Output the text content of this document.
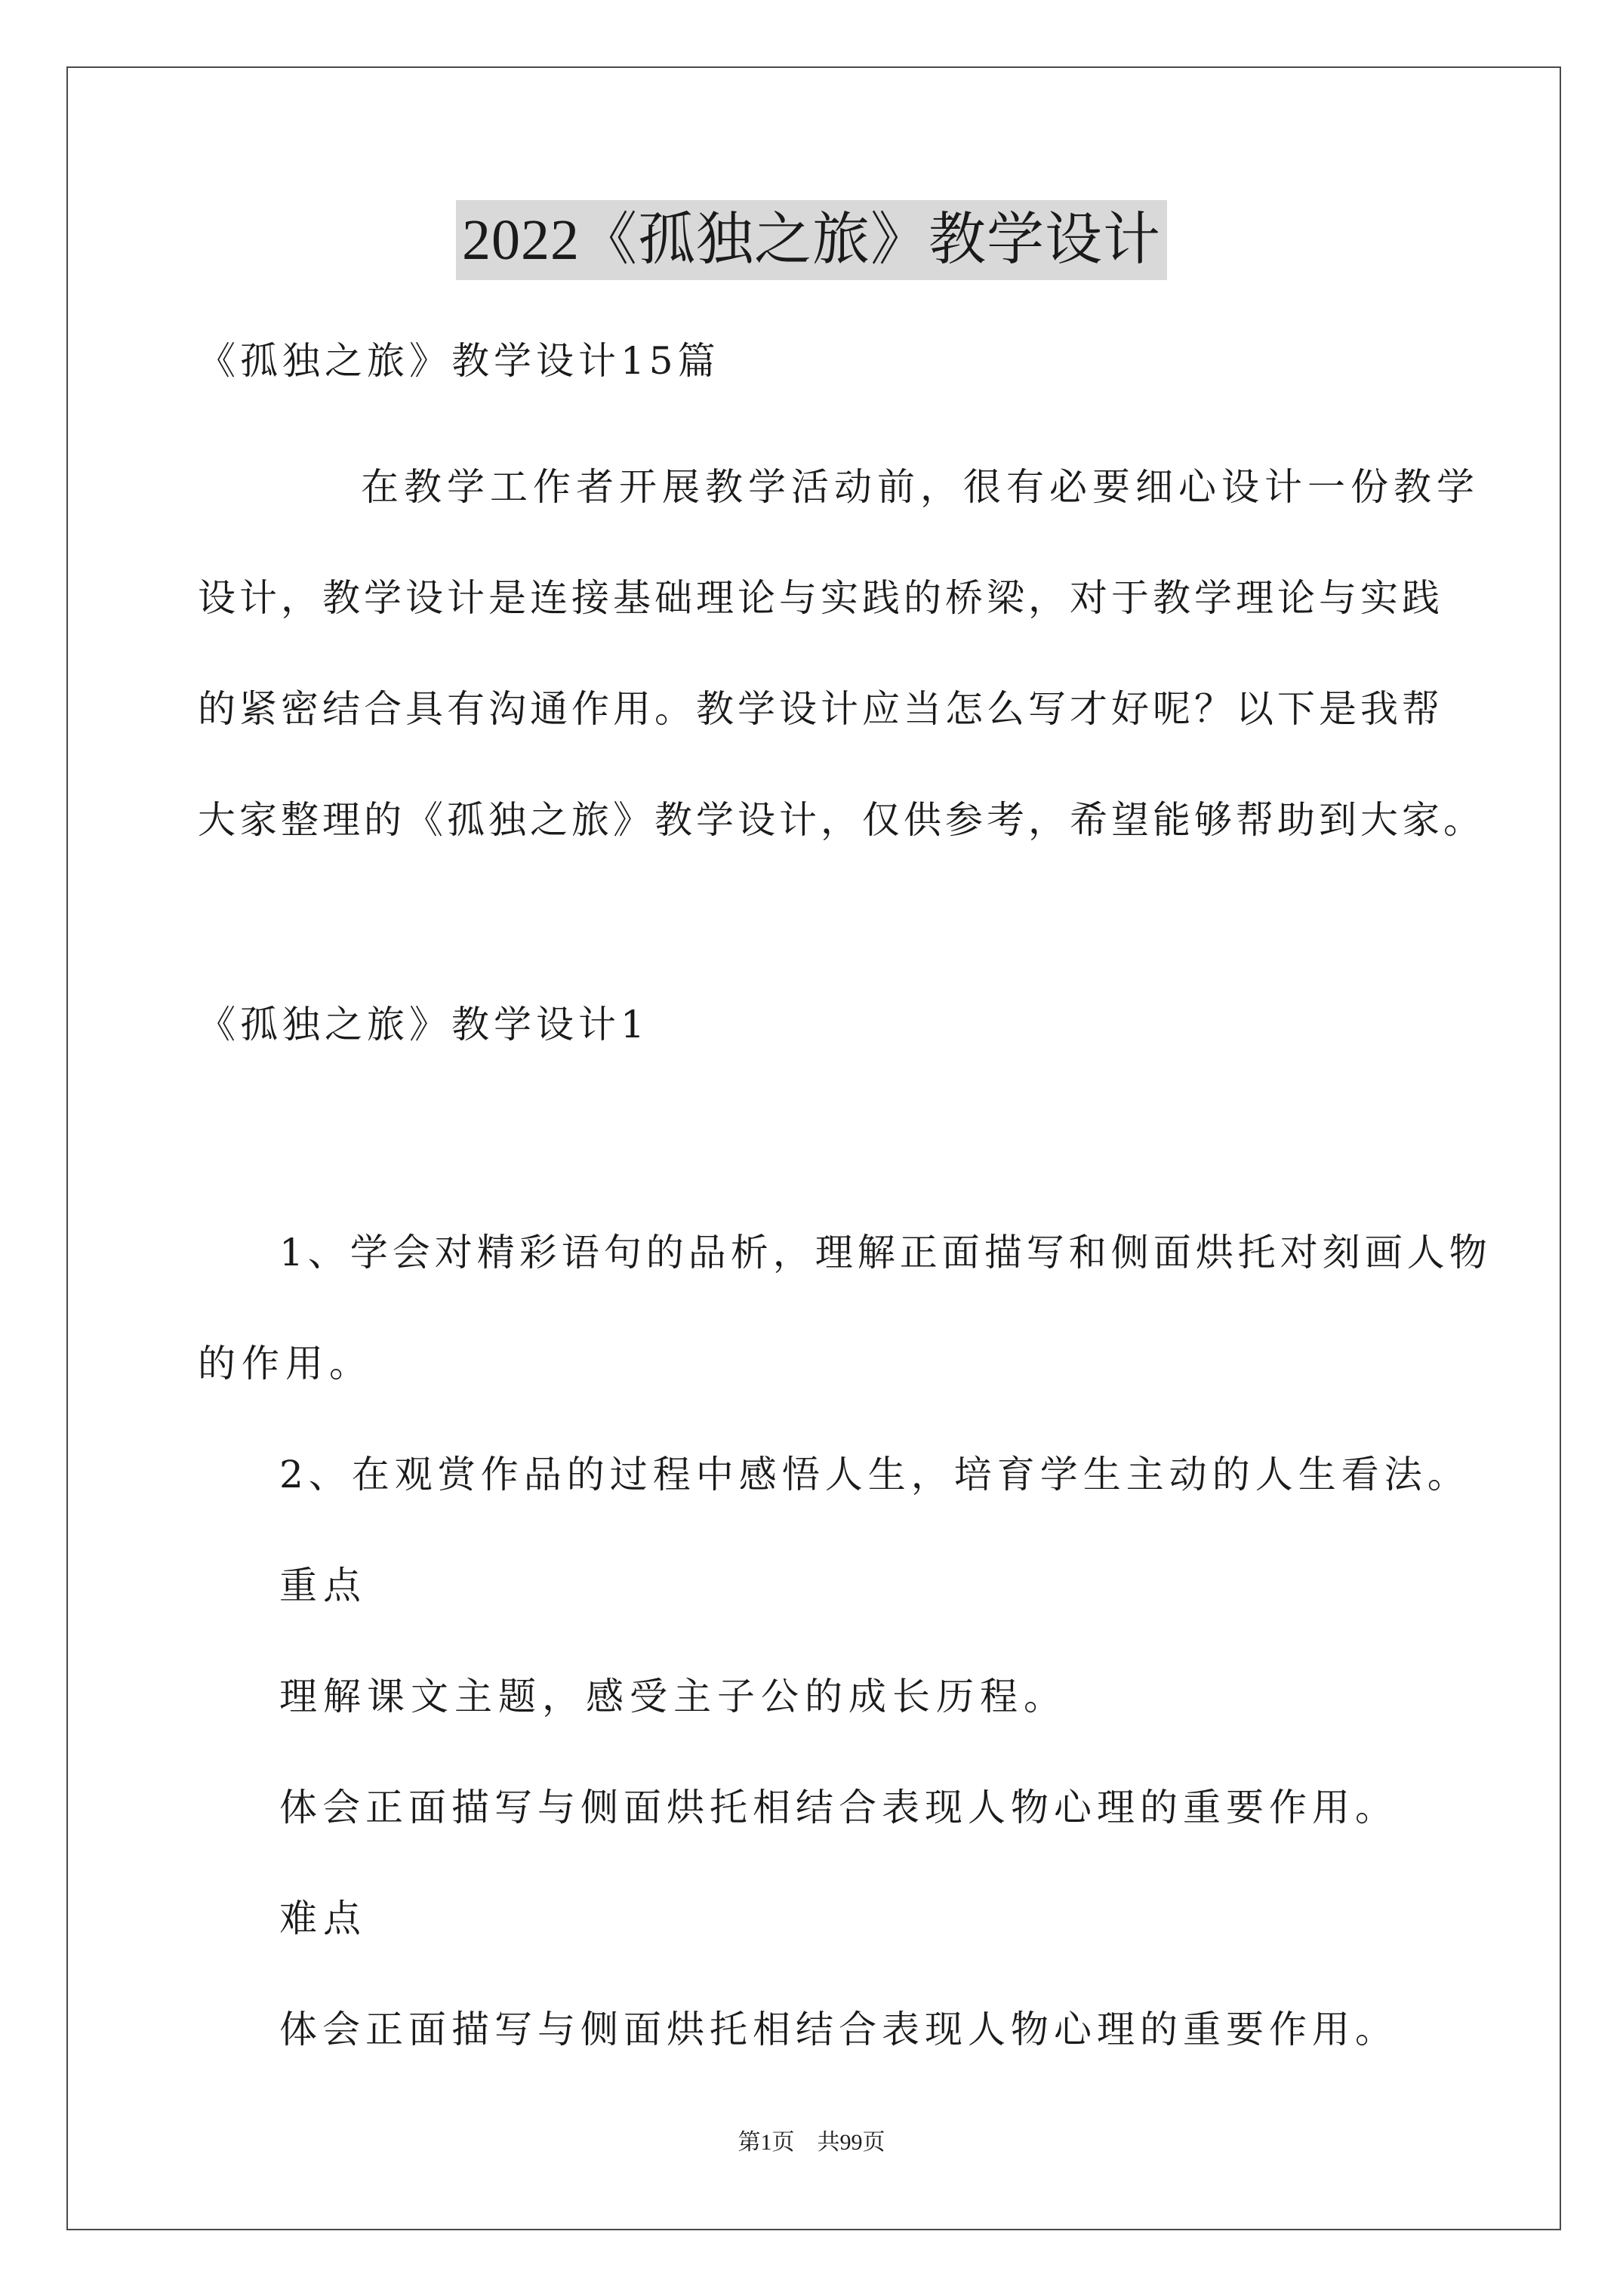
2022《孤独之旅》教学设计
《孤独之旅》教学设计15篇
在教学工作者开展教学活动前，很有必要细心设计一份教学
设计，教学设计是连接基础理论与实践的桥梁，对于教学理论与实践
的紧密结合具有沟通作用。教学设计应当怎么写才好呢？以下是我帮
大家整理的《孤独之旅》教学设计，仅供参考，希望能够帮助到大家。
《孤独之旅》教学设计1
1、学会对精彩语句的品析，理解正面描写和侧面烘托对刻画人物
的作用。
2、在观赏作品的过程中感悟人生，培育学生主动的人生看法。
重点
理解课文主题，感受主子公的成长历程。
体会正面描写与侧面烘托相结合表现人物心理的重要作用。
难点
体会正面描写与侧面烘托相结合表现人物心理的重要作用。
第1页　共99页
